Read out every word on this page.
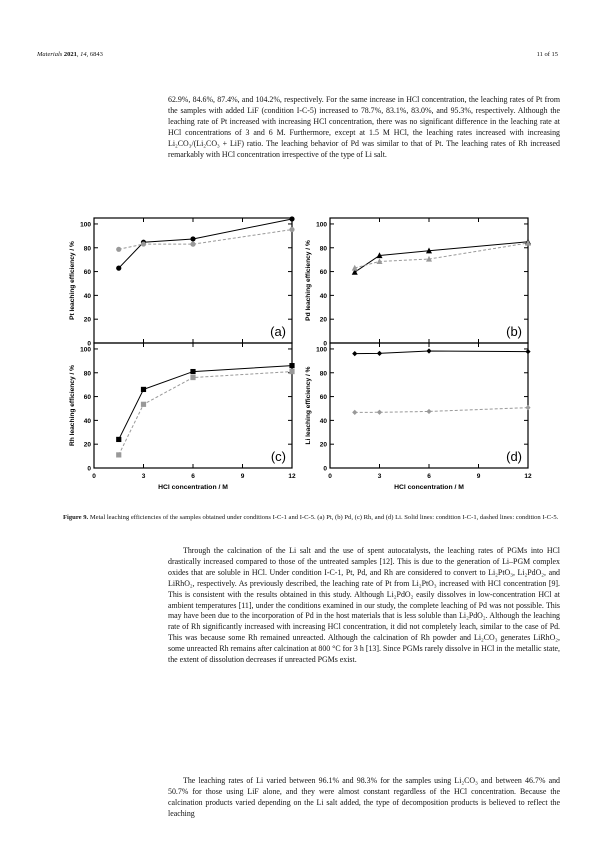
Materials 2021, 14, 6843	11 of 15

62.9%, 84.6%, 87.4%, and 104.2%, respectively. For the same increase in HCl concentration, the leaching rates of Pt from the samples with added LiF (condition I-C-5) increased to 78.7%, 83.1%, 83.0%, and 95.3%, respectively. Although the leaching rate of Pt increased with increasing HCl concentration, there was no significant difference in the leaching rate at HCl concentrations of 3 and 6 M. Furthermore, except at 1.5 M HCl, the leaching rates increased with increasing Li₂CO₃/(Li₂CO₃ + LiF) ratio. The leaching behavior of Pd was similar to that of Pt. The leaching rates of Rh increased remarkably with HCl concentration irrespective of the type of Li salt.

0
20
40
60
80
100
Pt leaching efficiency / %
(a)
0
20
40
60
80
100
Pd leaching efficiency / %
(b)
0
20
40
60
80
100
0	3	6	9	12
Rh leaching efficiency / %
HCl concentration / M
(c)
0
20
40
60
80
100
0	3	6	9	12
Li leaching efficiency / %
HCl concentration / M
(d)

Figure 9. Metal leaching efficiencies of the samples obtained under conditions I-C-1 and I-C-5. (a) Pt, (b) Pd, (c) Rh, and (d) Li. Solid lines: condition I-C-1, dashed lines: condition I-C-5.

Through the calcination of the Li salt and the use of spent autocatalysts, the leaching rates of PGMs into HCl drastically increased compared to those of the untreated samples [12]. This is due to the generation of Li–PGM complex oxides that are soluble in HCl. Under condition I-C-1, Pt, Pd, and Rh are considered to convert to Li₂PtO₃, Li₂PdO₂, and LiRhO₂, respectively. As previously described, the leaching rate of Pt from Li₂PtO₃ increased with HCl concentration [9]. This is consistent with the results obtained in this study. Although Li₂PdO₂ easily dissolves in low-concentration HCl at ambient temperatures [11], under the conditions examined in our study, the complete leaching of Pd was not possible. This may have been due to the incorporation of Pd in the host materials that is less soluble than Li₂PdO₂. Although the leaching rate of Rh significantly increased with increasing HCl concentration, it did not completely leach, similar to the case of Pd. This was because some Rh remained unreacted. Although the calcination of Rh powder and Li₂CO₃ generates LiRhO₂, some unreacted Rh remains after calcination at 800 °C for 3 h [13]. Since PGMs rarely dissolve in HCl in the metallic state, the extent of dissolution decreases if unreacted PGMs exist.

The leaching rates of Li varied between 96.1% and 98.3% for the samples using Li₂CO₃ and between 46.7% and 50.7% for those using LiF alone, and they were almost constant regardless of the HCl concentration. Because the calcination products varied depending on the Li salt added, the type of decomposition products is believed to reflect the leaching
